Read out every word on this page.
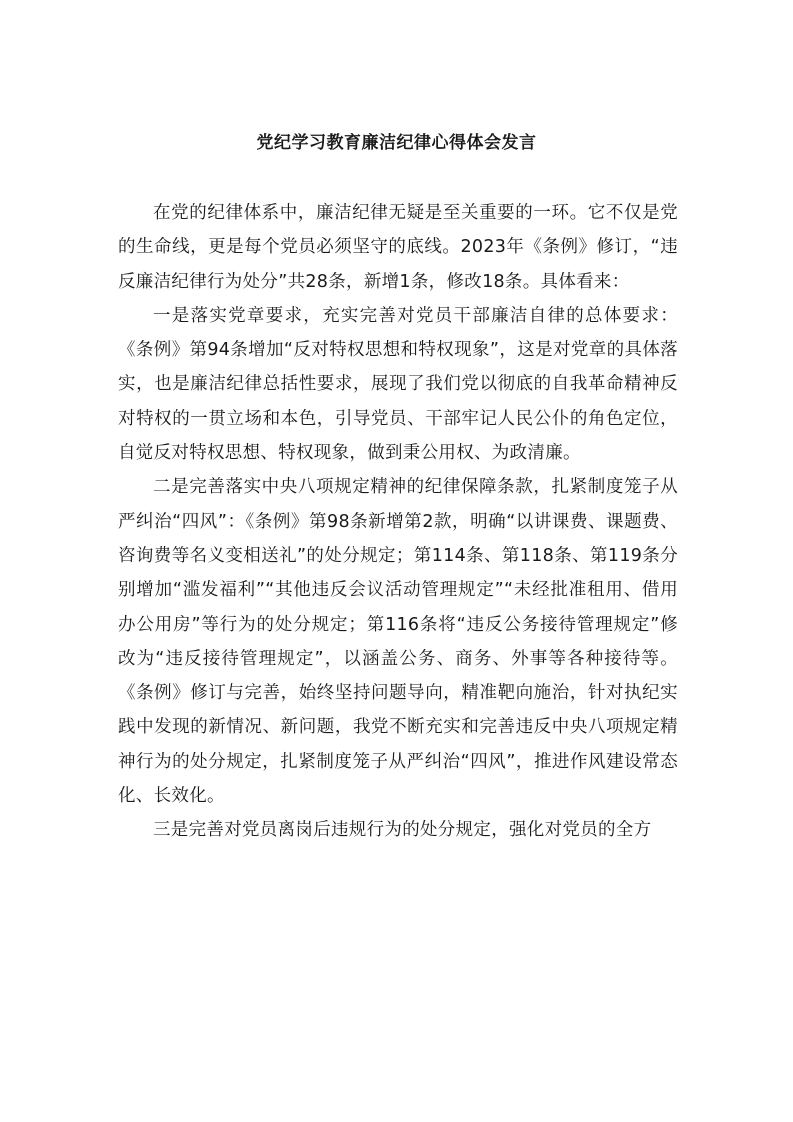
党纪学习教育廉洁纪律心得体会发言

在党的纪律体系中，廉洁纪律无疑是至关重要的一环。它不仅是党的生命线，更是每个党员必须坚守的底线。2023年《条例》修订，“违反廉洁纪律行为处分”共28条，新增1条，修改18条。具体看来：

一是落实党章要求，充实完善对党员干部廉洁自律的总体要求：《条例》第94条增加“反对特权思想和特权现象”，这是对党章的具体落实，也是廉洁纪律总括性要求，展现了我们党以彻底的自我革命精神反对特权的一贯立场和本色，引导党员、干部牢记人民公仆的角色定位，自觉反对特权思想、特权现象，做到秉公用权、为政清廉。

二是完善落实中央八项规定精神的纪律保障条款，扎紧制度笼子从严纠治“四风”：《条例》第98条新增第2款，明确“以讲课费、课题费、咨询费等名义变相送礼”的处分规定；第114条、第118条、第119条分别增加“滥发福利”“其他违反会议活动管理规定”“未经批准租用、借用办公用房”等行为的处分规定；第116条将“违反公务接待管理规定”修改为“违反接待管理规定”，以涵盖公务、商务、外事等各种接待等。《条例》修订与完善，始终坚持问题导向，精准靶向施治，针对执纪实践中发现的新情况、新问题，我党不断充实和完善违反中央八项规定精神行为的处分规定，扎紧制度笼子从严纠治“四风”，推进作风建设常态化、长效化。

三是完善对党员离岗后违规行为的处分规定，强化对党员的全方
